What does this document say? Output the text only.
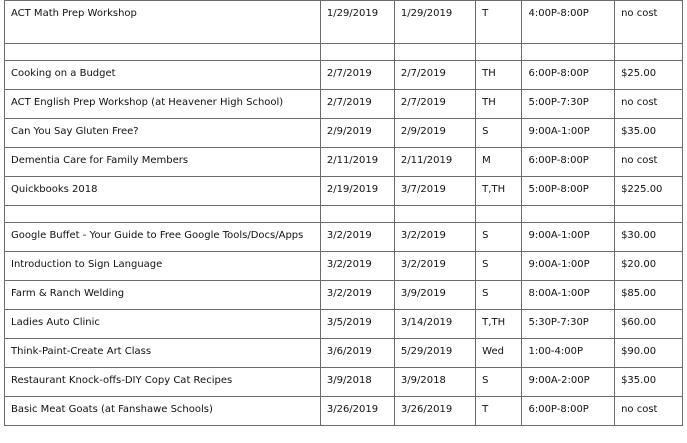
ACT Math Prep Workshop	1/29/2019	1/29/2019	T	4:00P-8:00P	no cost

Cooking on a Budget	2/7/2019	2/7/2019	TH	6:00P-8:00P	$25.00
ACT English Prep Workshop (at Heavener High School)	2/7/2019	2/7/2019	TH	5:00P-7:30P	no cost
Can You Say Gluten Free?	2/9/2019	2/9/2019	S	9:00A-1:00P	$35.00
Dementia Care for Family Members	2/11/2019	2/11/2019	M	6:00P-8:00P	no cost
Quickbooks 2018	2/19/2019	3/7/2019	T,TH	5:00P-8:00P	$225.00

Google Buffet - Your Guide to Free Google Tools/Docs/Apps	3/2/2019	3/2/2019	S	9:00A-1:00P	$30.00
Introduction to Sign Language	3/2/2019	3/2/2019	S	9:00A-1:00P	$20.00
Farm & Ranch Welding	3/2/2019	3/9/2019	S	8:00A-1:00P	$85.00
Ladies Auto Clinic	3/5/2019	3/14/2019	T,TH	5:30P-7:30P	$60.00
Think-Paint-Create Art Class	3/6/2019	5/29/2019	Wed	1:00-4:00P	$90.00
Restaurant Knock-offs-DIY Copy Cat Recipes	3/9/2018	3/9/2018	S	9:00A-2:00P	$35.00
Basic Meat Goats (at Fanshawe Schools)	3/26/2019	3/26/2019	T	6:00P-8:00P	no cost
